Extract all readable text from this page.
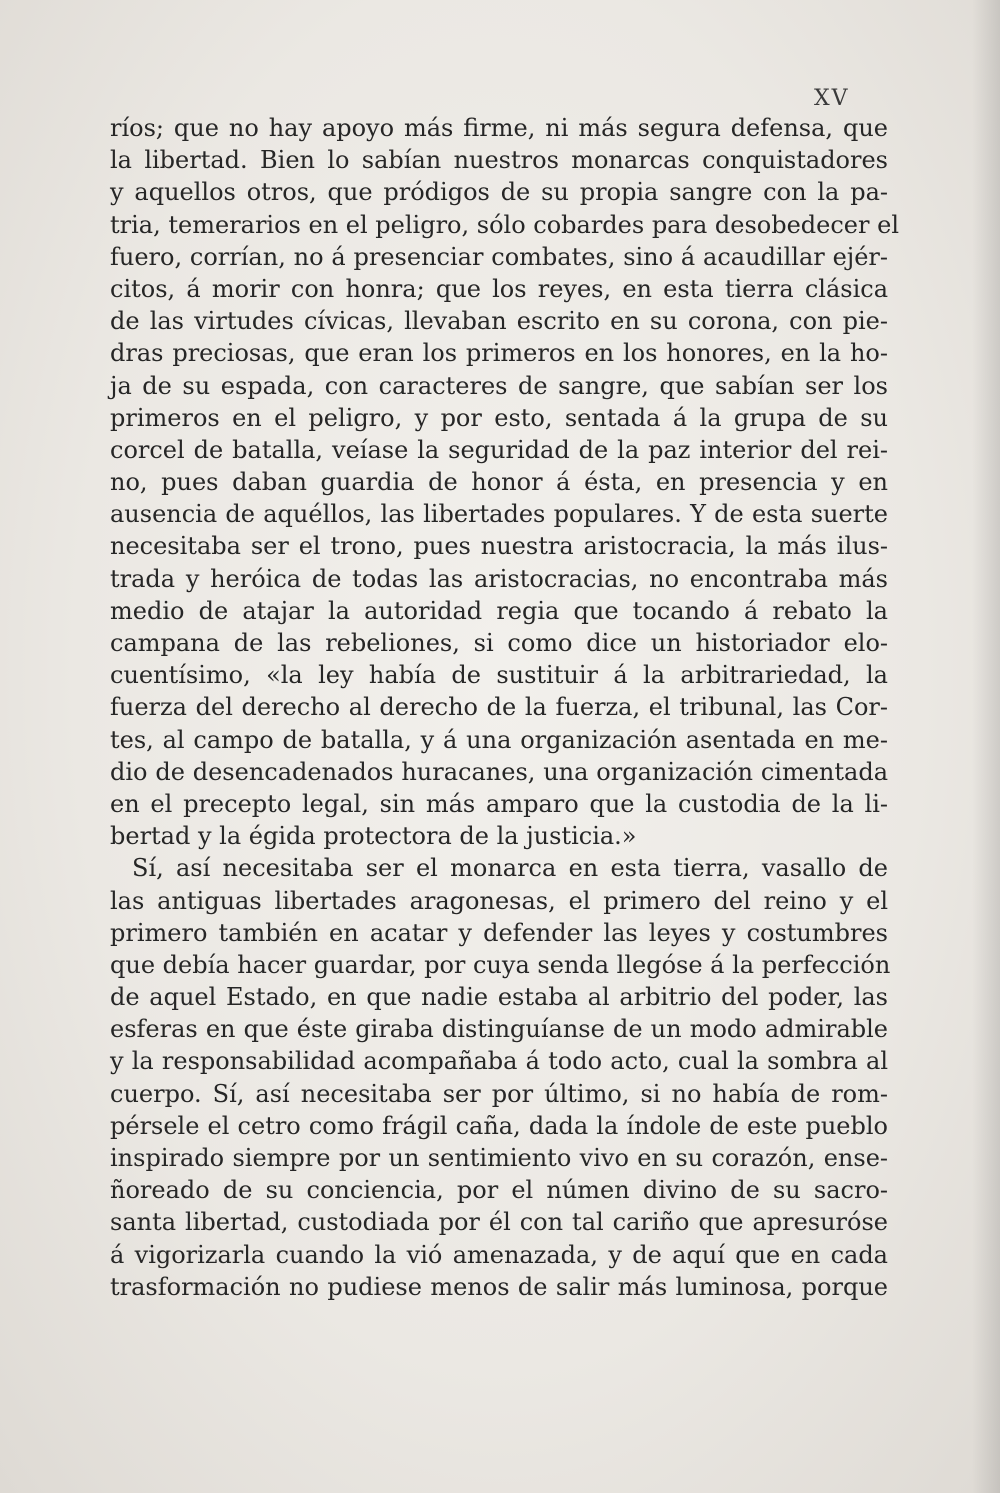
XV

ríos; que no hay apoyo más firme, ni más segura defensa, que
la libertad. Bien lo sabían nuestros monarcas conquistadores
y aquellos otros, que pródigos de su propia sangre con la pa-
tria, temerarios en el peligro, sólo cobardes para desobedecer el
fuero, corrían, no á presenciar combates, sino á acaudillar ejér-
citos, á morir con honra; que los reyes, en esta tierra clásica
de las virtudes cívicas, llevaban escrito en su corona, con pie-
dras preciosas, que eran los primeros en los honores, en la ho-
ja de su espada, con caracteres de sangre, que sabían ser los
primeros en el peligro, y por esto, sentada á la grupa de su
corcel de batalla, veíase la seguridad de la paz interior del rei-
no, pues daban guardia de honor á ésta, en presencia y en
ausencia de aquéllos, las libertades populares. Y de esta suerte
necesitaba ser el trono, pues nuestra aristocracia, la más ilus-
trada y heróica de todas las aristocracias, no encontraba más
medio de atajar la autoridad regia que tocando á rebato la
campana de las rebeliones, si como dice un historiador elo-
cuentísimo, «la ley había de sustituir á la arbitrariedad, la
fuerza del derecho al derecho de la fuerza, el tribunal, las Cor-
tes, al campo de batalla, y á una organización asentada en me-
dio de desencadenados huracanes, una organización cimentada
en el precepto legal, sin más amparo que la custodia de la li-
bertad y la égida protectora de la justicia.»
Sí, así necesitaba ser el monarca en esta tierra, vasallo de
las antiguas libertades aragonesas, el primero del reino y el
primero también en acatar y defender las leyes y costumbres
que debía hacer guardar, por cuya senda llegóse á la perfección
de aquel Estado, en que nadie estaba al arbitrio del poder, las
esferas en que éste giraba distinguíanse de un modo admirable
y la responsabilidad acompañaba á todo acto, cual la sombra al
cuerpo. Sí, así necesitaba ser por último, si no había de rom-
pérsele el cetro como frágil caña, dada la índole de este pueblo
inspirado siempre por un sentimiento vivo en su corazón, ense-
ñoreado de su conciencia, por el númen divino de su sacro-
santa libertad, custodiada por él con tal cariño que apresuróse
á vigorizarla cuando la vió amenazada, y de aquí que en cada
trasformación no pudiese menos de salir más luminosa, porque
